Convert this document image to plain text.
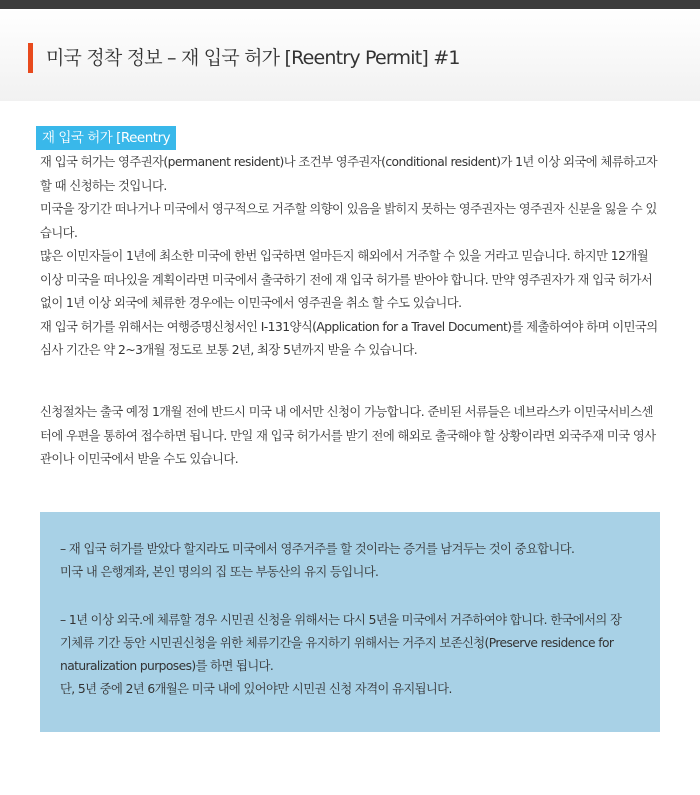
미국 정착 정보 – 재 입국 허가 [Reentry Permit] #1
재 입국 허가 [Reentry

재 입국 허가는 영주권자(permanent resident)나 조건부 영주권자(conditional resident)가 1년 이상 외국에 체류하고자 할 때 신청하는 것입니다.

미국을 장기간 떠나거나 미국에서 영구적으로 거주할 의향이 있음을 밝히지 못하는 영주권자는 영주권자 신분을 잃을 수 있습니다.

많은 이민자들이 1년에 최소한 미국에 한번 입국하면 얼마든지 해외에서 거주할 수 있을 거라고 믿습니다. 하지만 12개월 이상 미국을 떠나있을 계획이라면 미국에서 출국하기 전에 재 입국 허가를 받아야 합니다. 만약 영주권자가 재 입국 허가서 없이 1년 이상 외국에 체류한 경우에는 이민국에서 영주권을 취소 할 수도 있습니다.

재 입국 허가를 위해서는 여행증명신청서인 I-131양식(Application for a Travel Document)를 제출하여야 하며 이민국의 심사 기간은 약 2~3개월 정도로 보통 2년, 최장 5년까지 받을 수 있습니다.

신청절차는 출국 예정 1개월 전에 반드시 미국 내 에서만 신청이 가능합니다. 준비된 서류들은 네브라스카 이민국서비스센터에 우편을 통하여 접수하면 됩니다. 만일 재 입국 허가서를 받기 전에 해외로 출국해야 할 상황이라면 외국주재 미국 영사관이나 이민국에서 받을 수도 있습니다.

– 재 입국 허가를 받았다 할지라도 미국에서 영주거주를 할 것이라는 증거를 남겨두는 것이 중요합니다.

미국 내 은행계좌, 본인 명의의 집 또는 부동산의 유지 등입니다.

– 1년 이상 외국.에 체류할 경우 시민권 신청을 위해서는 다시 5년을 미국에서 거주하여야 합니다. 한국에서의 장기체류 기간 동안 시민권신청을 위한 체류기간을 유지하기 위해서는 거주지 보존신청(Preserve residence for naturalization purposes)를 하면 됩니다.

단, 5년 중에 2년 6개월은 미국 내에 있어야만 시민권 신청 자격이 유지됩니다.
